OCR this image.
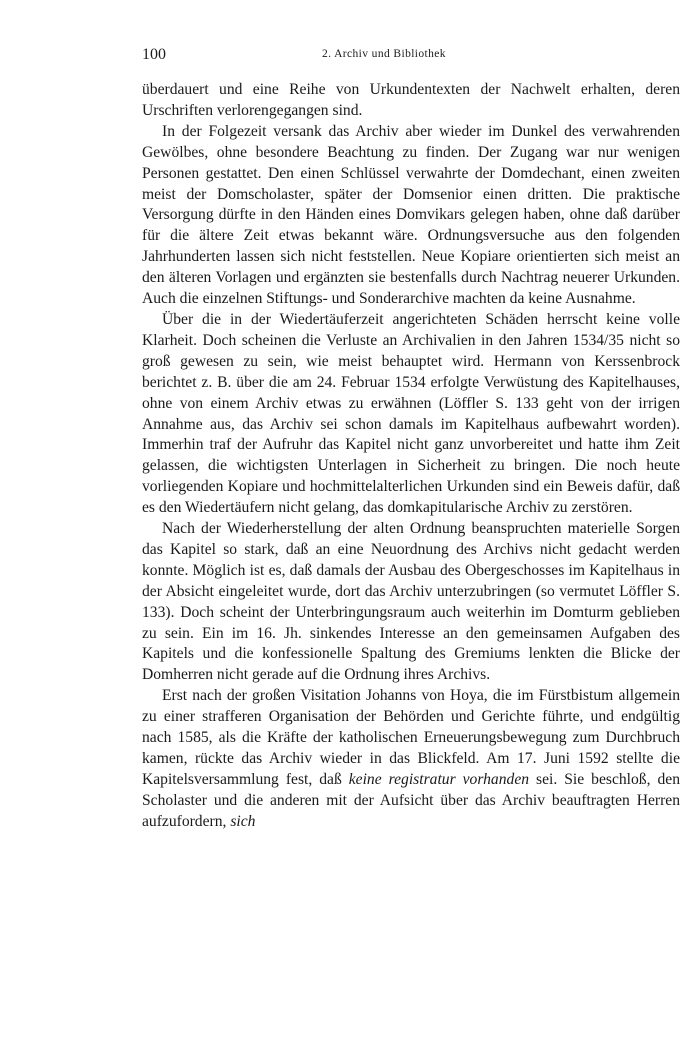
100	2. Archiv und Bibliothek

überdauert und eine Reihe von Urkundentexten der Nachwelt erhalten, deren Urschriften verlorengegangen sind.

In der Folgezeit versank das Archiv aber wieder im Dunkel des verwahrenden Gewölbes, ohne besondere Beachtung zu finden. Der Zugang war nur wenigen Personen gestattet. Den einen Schlüssel verwahrte der Domdechant, einen zweiten meist der Domscholaster, später der Domsenior einen dritten. Die praktische Versorgung dürfte in den Händen eines Domvikars gelegen haben, ohne daß darüber für die ältere Zeit etwas bekannt wäre. Ordnungsversuche aus den folgenden Jahrhunderten lassen sich nicht feststellen. Neue Kopiare orientierten sich meist an den älteren Vorlagen und ergänzten sie bestenfalls durch Nachtrag neuerer Urkunden. Auch die einzelnen Stiftungs- und Sonderarchive machten da keine Ausnahme.

Über die in der Wiedertäuferzeit angerichteten Schäden herrscht keine volle Klarheit. Doch scheinen die Verluste an Archivalien in den Jahren 1534/35 nicht so groß gewesen zu sein, wie meist behauptet wird. Hermann von Kerssenbrock berichtet z. B. über die am 24. Februar 1534 erfolgte Verwüstung des Kapitelhauses, ohne von einem Archiv etwas zu erwähnen (Löffler S. 133 geht von der irrigen Annahme aus, das Archiv sei schon damals im Kapitelhaus aufbewahrt worden). Immerhin traf der Aufruhr das Kapitel nicht ganz unvorbereitet und hatte ihm Zeit gelassen, die wichtigsten Unterlagen in Sicherheit zu bringen. Die noch heute vorliegenden Kopiare und hochmittelalterlichen Urkunden sind ein Beweis dafür, daß es den Wiedertäufern nicht gelang, das domkapitularische Archiv zu zerstören.

Nach der Wiederherstellung der alten Ordnung beanspruchten materielle Sorgen das Kapitel so stark, daß an eine Neuordnung des Archivs nicht gedacht werden konnte. Möglich ist es, daß damals der Ausbau des Obergeschosses im Kapitelhaus in der Absicht eingeleitet wurde, dort das Archiv unterzubringen (so vermutet Löffler S. 133). Doch scheint der Unterbringungsraum auch weiterhin im Domturm geblieben zu sein. Ein im 16. Jh. sinkendes Interesse an den gemeinsamen Aufgaben des Kapitels und die konfessionelle Spaltung des Gremiums lenkten die Blicke der Domherren nicht gerade auf die Ordnung ihres Archivs.

Erst nach der großen Visitation Johanns von Hoya, die im Fürstbistum allgemein zu einer strafferen Organisation der Behörden und Gerichte führte, und endgültig nach 1585, als die Kräfte der katholischen Erneuerungsbewegung zum Durchbruch kamen, rückte das Archiv wieder in das Blickfeld. Am 17. Juni 1592 stellte die Kapitelsversammlung fest, daß keine registratur vorhanden sei. Sie beschloß, den Scholaster und die anderen mit der Aufsicht über das Archiv beauftragten Herren aufzufordern, sich
